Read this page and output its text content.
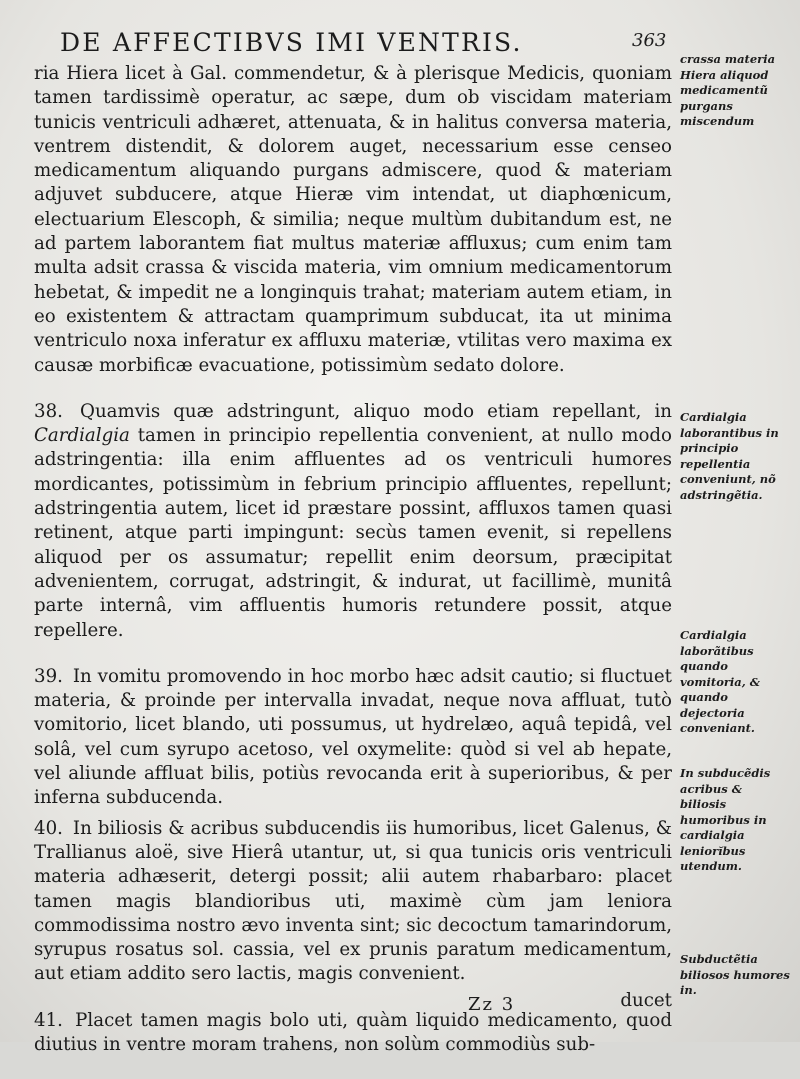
DE AFFECTIBVS IMI VENTRIS.	363

ria Hiera licet à Gal. commendetur, & à plerisque Medicis, quoniam tamen tardissimè operatur, ac sæpe, dum ob viscidam materiam tunicis ventriculi adhæret, attenuata, & in halitus conversa materia, ventrem distendit, & dolorem auget, necessarium esse censeo medicamentum aliquando purgans admiscere, quod & materiam adjuvet subducere, atque Hieræ vim intendat, ut diaphœnicum, electuarium Elescoph, & similia; neque multùm dubitandum est, ne ad partem laborantem fiat multus materiæ affluxus; cum enim tam multa adsit crassa & viscida materia, vim omnium medicamentorum hebetat, & impedit ne a longinquis trahat; materiam autem etiam, in eo existentem & attractam quamprimum subducat, ita ut minima ventriculo noxa inferatur ex affluxu materiæ, vtilitas vero maxima ex causæ morbificæ evacuatione, potissimùm sedato dolore.

38. Quamvis quæ adstringunt, aliquo modo etiam repellant, in Cardialgia tamen in principio repellentia convenient, at nullo modo adstringentia: illa enim affluentes ad os ventriculi humores mordicantes, potissimùm in febrium principio affluentes, repellunt; adstringentia autem, licet id præstare possint, affluxos tamen quasi retinent, atque parti impingunt: secùs tamen evenit, si repellens aliquod per os assumatur; repellit enim deorsum, præcipitat advenientem, corrugat, adstringit, & indurat, ut facillimè, munitâ parte internâ, vim affluentis humoris retundere possit, atque repellere.

39. In vomitu promovendo in hoc morbo hæc adsit cautio; si fluctuet materia, & proinde per intervalla invadat, neque nova affluat, tutò vomitorio, licet blando, uti possumus, ut hydrelæo, aquâ tepidâ, vel solâ, vel cum syrupo acetoso, vel oxymelite: quòd si vel ab hepate, vel aliunde affluat bilis, potiùs revocanda erit à superioribus, & per inferna subducenda.

40. In biliosis & acribus subducendis iis humoribus, licet Galenus, & Trallianus aloë, sive Hierâ utantur, ut, si qua tunicis oris ventriculi materia adhæserit, detergi possit; alii autem rhabarbaro: placet tamen magis blandioribus uti, maximè cùm jam leniora commodissima nostro ævo inventa sint; sic decoctum tamarindorum, syrupus rosatus sol. cassia, vel ex prunis paratum medicamentum, aut etiam addito sero lactis, magis convenient.

41. Placet tamen magis bolo uti, quàm liquido medicamento, quod diutius in ventre moram trahens, non solùm commodiùs sub-

crassa materia Hiera aliquod medicamentũ purgans miscendum
Cardialgia laborantibus in principio repellentia conveniunt, nõ adstringẽtia.
Cardialgia laborãtibus quando vomitoria, & quando dejectoria conveniant.
In subducẽdis acribus & biliosis humoribus in cardialgia leniorĭbus utendum.
Subductẽtia biliosos humores in.
Zz 3	ducet
